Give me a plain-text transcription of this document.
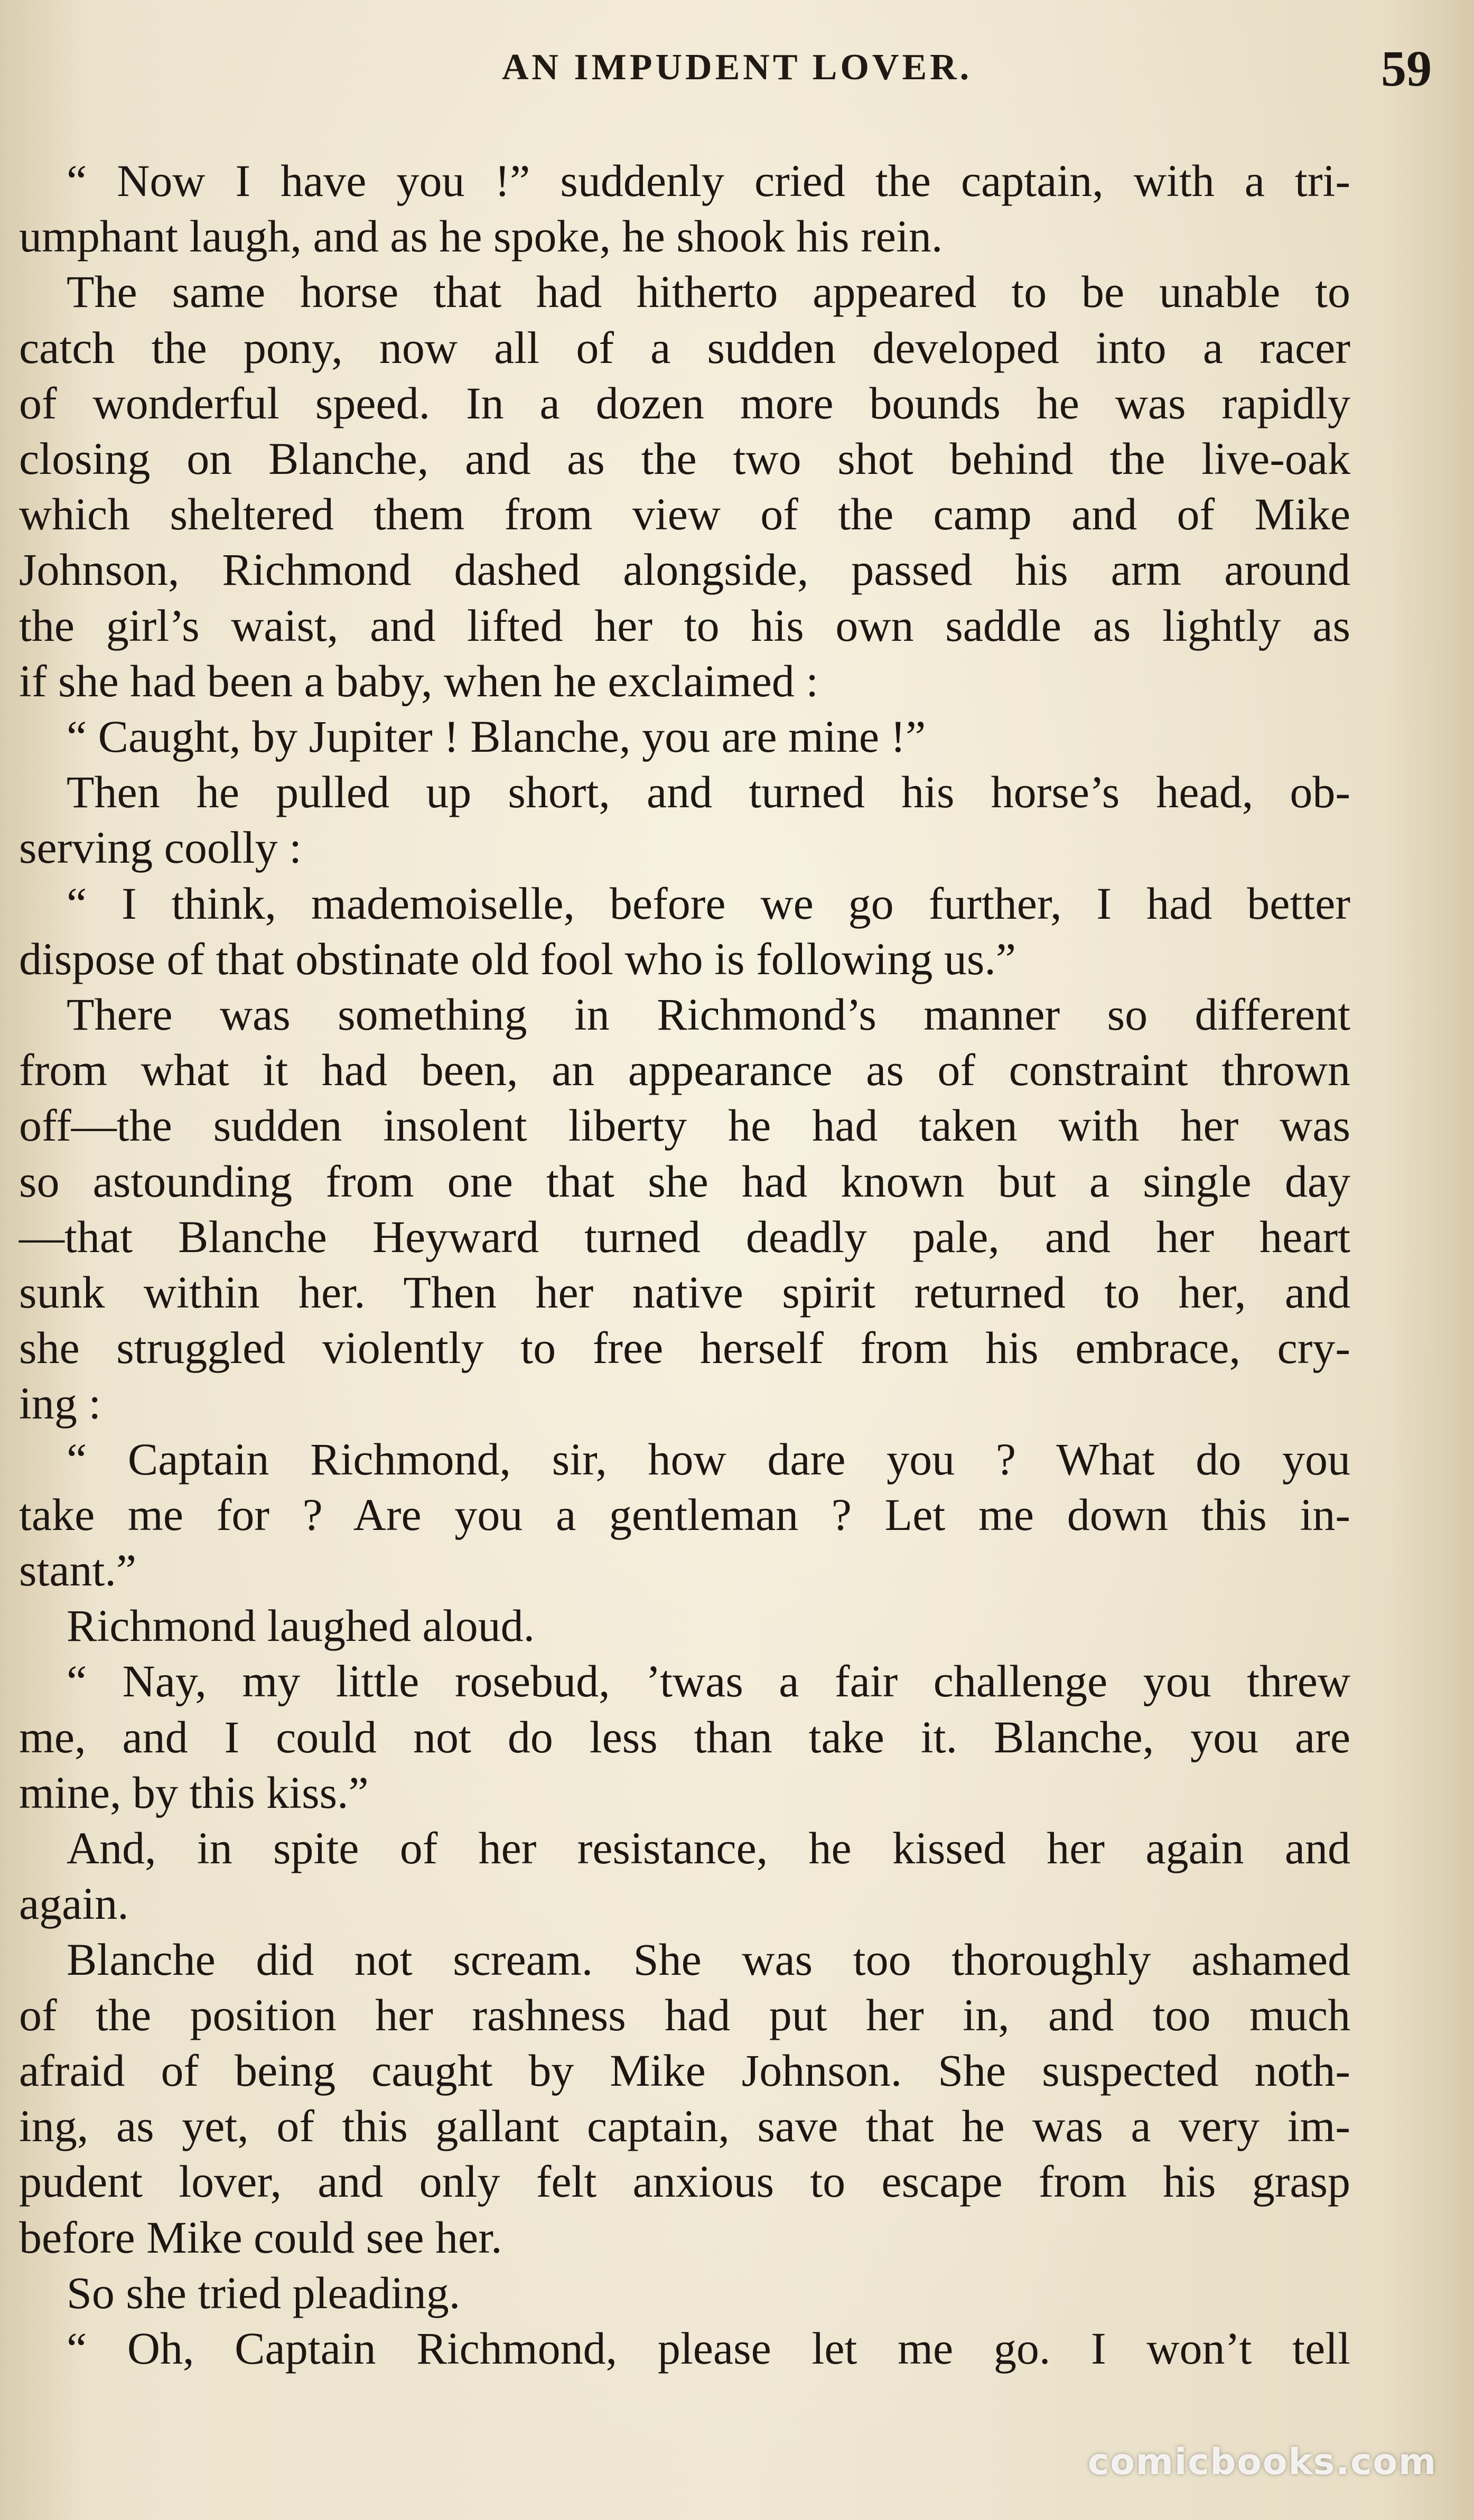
AN IMPUDENT LOVER.	59
“ Now I have you !” suddenly cried the captain, with a tri-
umphant laugh, and as he spoke, he shook his rein.
The same horse that had hitherto appeared to be unable to
catch the pony, now all of a sudden developed into a racer
of wonderful speed. In a dozen more bounds he was rapidly
closing on Blanche, and as the two shot behind the live-oak
which sheltered them from view of the camp and of Mike
Johnson, Richmond dashed alongside, passed his arm around
the girl’s waist, and lifted her to his own saddle as lightly as
if she had been a baby, when he exclaimed :
“ Caught, by Jupiter ! Blanche, you are mine !”
Then he pulled up short, and turned his horse’s head, ob-
serving coolly :
“ I think, mademoiselle, before we go further, I had better
dispose of that obstinate old fool who is following us.”
There was something in Richmond’s manner so different
from what it had been, an appearance as of constraint thrown
off—the sudden insolent liberty he had taken with her was
so astounding from one that she had known but a single day
—that Blanche Heyward turned deadly pale, and her heart
sunk within her. Then her native spirit returned to her, and
she struggled violently to free herself from his embrace, cry-
ing :
“ Captain Richmond, sir, how dare you ? What do you
take me for ? Are you a gentleman ? Let me down this in-
stant.”
Richmond laughed aloud.
“ Nay, my little rosebud, ’twas a fair challenge you threw
me, and I could not do less than take it. Blanche, you are
mine, by this kiss.”
And, in spite of her resistance, he kissed her again and
again.
Blanche did not scream. She was too thoroughly ashamed
of the position her rashness had put her in, and too much
afraid of being caught by Mike Johnson. She suspected noth-
ing, as yet, of this gallant captain, save that he was a very im-
pudent lover, and only felt anxious to escape from his grasp
before Mike could see her.
So she tried pleading.
“ Oh, Captain Richmond, please let me go. I won’t tell
comicbooks.com
